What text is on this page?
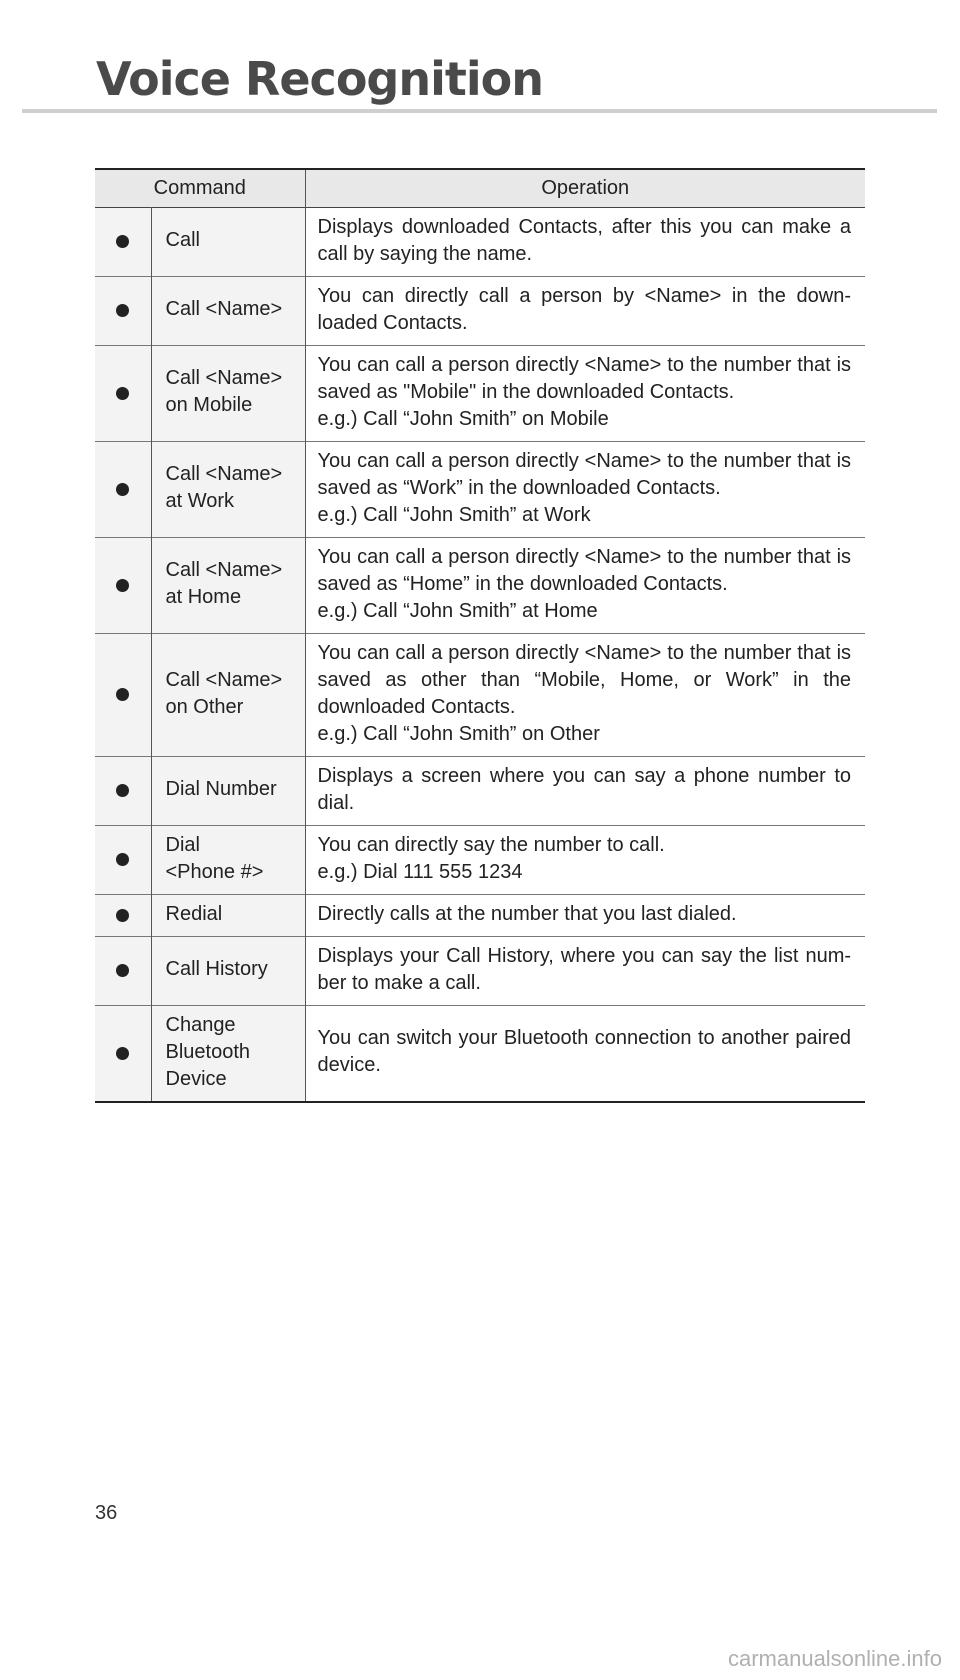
Voice Recognition
Command		Operation
	Call	Displays downloaded Contacts, after this you can make a call by saying the name.

	Call <Name>	You can directly call a person by <Name> in the down-loaded Contacts.

	Call <Name>
on Mobile	You can call a person directly <Name> to the number that is saved as "Mobile" in the downloaded Contacts.
e.g.) Call “John Smith” on Mobile

	Call <Name>
at Work	You can call a person directly <Name> to the number that is saved as “Work” in the downloaded Contacts.
e.g.) Call “John Smith” at Work

	Call <Name>
at Home	You can call a person directly <Name> to the number that is saved as “Home” in the downloaded Contacts.
e.g.) Call “John Smith” at Home

	Call <Name>
on Other	You can call a person directly <Name> to the number that is saved as other than “Mobile, Home, or Work” in the downloaded Contacts.
e.g.) Call “John Smith” on Other

	Dial Number	Displays a screen where you can say a phone number to dial.

	Dial
<Phone #>	You can directly say the number to call.
e.g.) Dial 111 555 1234

	Redial	Directly calls at the number that you last dialed.

	Call History	Displays your Call History, where you can say the list num-ber to make a call.

	Change
Bluetooth
Device	You can switch your Bluetooth connection to another paired device.
36
carmanualsonline.info
